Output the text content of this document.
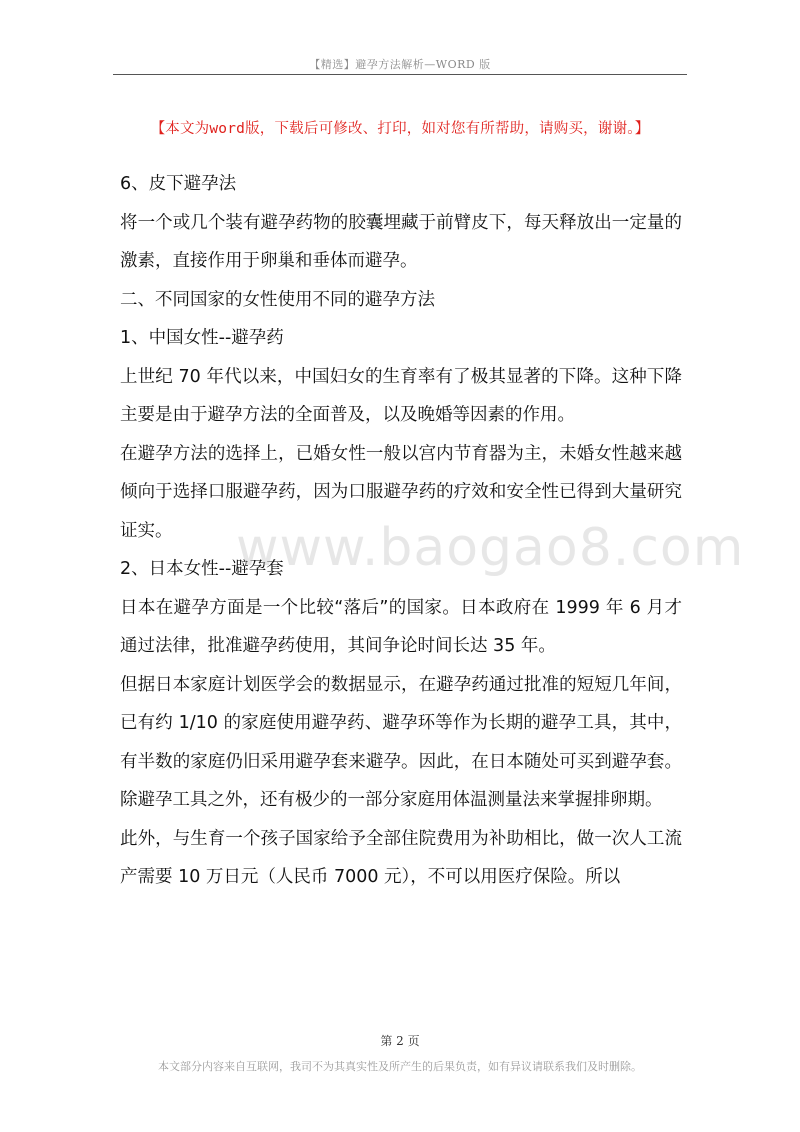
【精选】避孕方法解析—WORD 版
【本文为word版，下载后可修改、打印，如对您有所帮助，请购买，谢谢。】

6、皮下避孕法

将一个或几个装有避孕药物的胶囊埋藏于前臂皮下，每天释放出一定量的激素，直接作用于卵巢和垂体而避孕。

二、不同国家的女性使用不同的避孕方法

1、中国女性--避孕药

上世纪 70 年代以来，中国妇女的生育率有了极其显著的下降。这种下降主要是由于避孕方法的全面普及，以及晚婚等因素的作用。

在避孕方法的选择上，已婚女性一般以宫内节育器为主，未婚女性越来越倾向于选择口服避孕药，因为口服避孕药的疗效和安全性已得到大量研究证实。

2、日本女性--避孕套

日本在避孕方面是一个比较“落后”的国家。日本政府在 1999 年 6 月才通过法律，批准避孕药使用，其间争论时间长达 35 年。

但据日本家庭计划医学会的数据显示，在避孕药通过批准的短短几年间，已有约 1/10 的家庭使用避孕药、避孕环等作为长期的避孕工具，其中，有半数的家庭仍旧采用避孕套来避孕。因此，在日本随处可买到避孕套。除避孕工具之外，还有极少的一部分家庭用体温测量法来掌握排卵期。

此外，与生育一个孩子国家给予全部住院费用为补助相比，做一次人工流产需要 10 万日元（人民币 7000 元），不可以用医疗保险。所以

www.baogao8.com
第 2 页
本文部分内容来自互联网，我司不为其真实性及所产生的后果负责，如有异议请联系我们及时删除。
